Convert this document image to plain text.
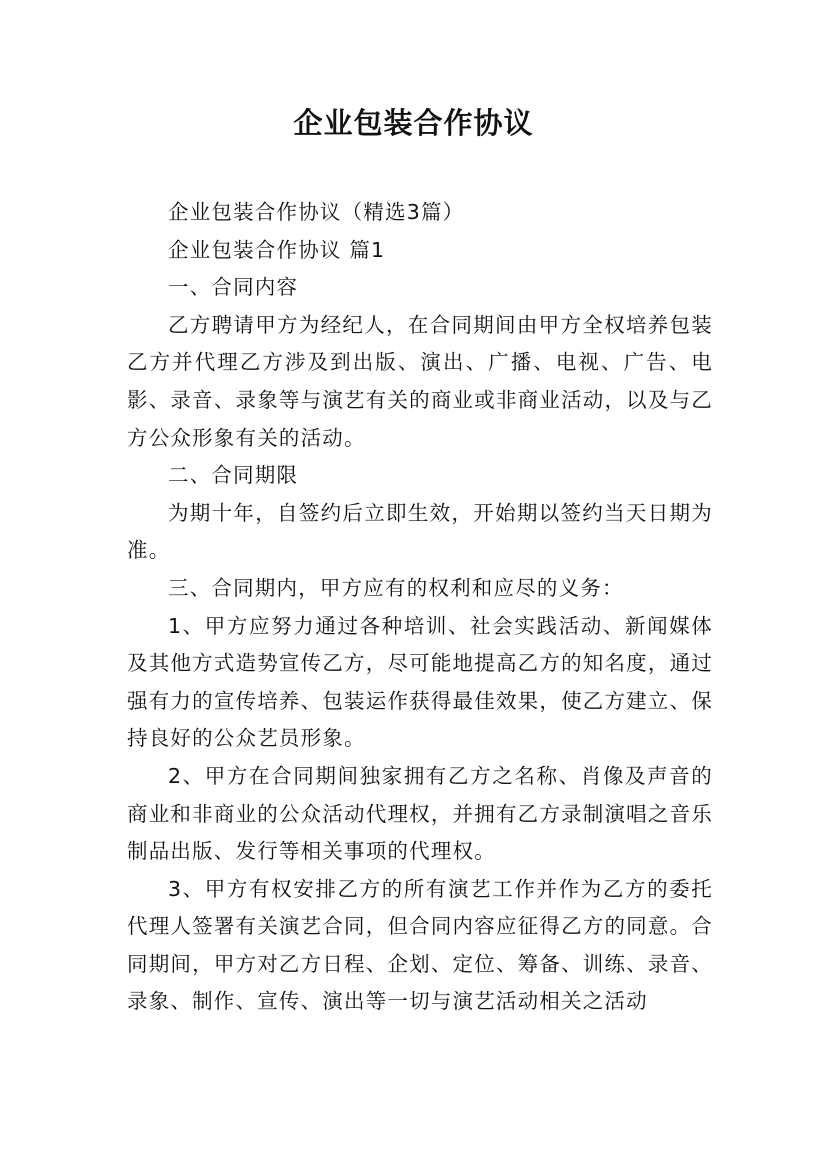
企业包装合作协议

企业包装合作协议（精选3篇）

企业包装合作协议 篇1

一、合同内容

乙方聘请甲方为经纪人，在合同期间由甲方全权培养包装乙方并代理乙方涉及到出版、演出、广播、电视、广告、电影、录音、录象等与演艺有关的商业或非商业活动，以及与乙方公众形象有关的活动。

二、合同期限

为期十年，自签约后立即生效，开始期以签约当天日期为准。

三、合同期内，甲方应有的权利和应尽的义务：

1、甲方应努力通过各种培训、社会实践活动、新闻媒体及其他方式造势宣传乙方，尽可能地提高乙方的知名度，通过强有力的宣传培养、包装运作获得最佳效果，使乙方建立、保持良好的公众艺员形象。

2、甲方在合同期间独家拥有乙方之名称、肖像及声音的商业和非商业的公众活动代理权，并拥有乙方录制演唱之音乐制品出版、发行等相关事项的代理权。

3、甲方有权安排乙方的所有演艺工作并作为乙方的委托代理人签署有关演艺合同，但合同内容应征得乙方的同意。合同期间，甲方对乙方日程、企划、定位、筹备、训练、录音、录象、制作、宣传、演出等一切与演艺活动相关之活动
